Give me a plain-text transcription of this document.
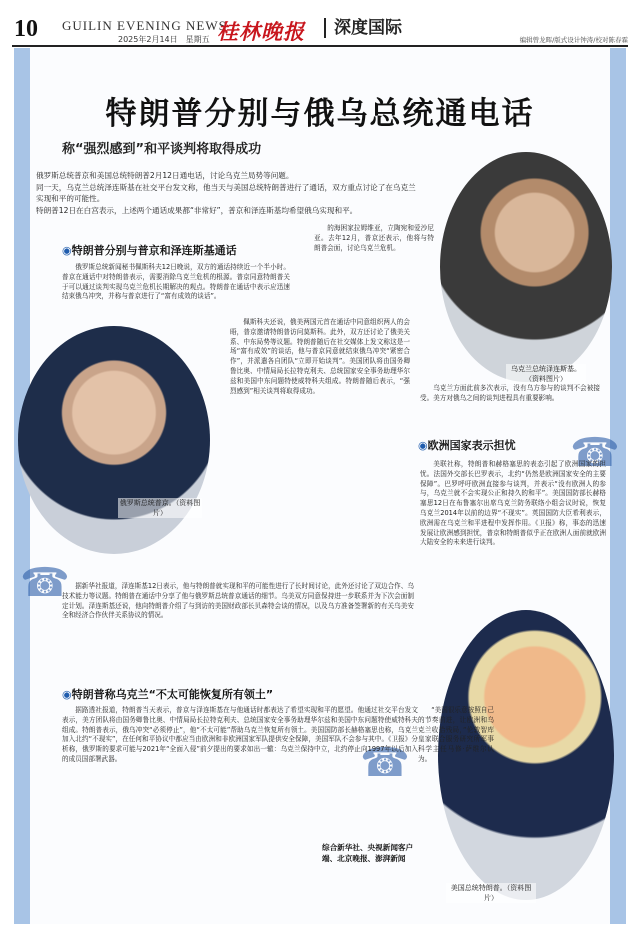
10 GUILIN EVENING NEWS
2025年2月14日　星期五 桂林晚报	深度国际
编辑曾龙晖/版式设计钟涛/校对陈春霖
☎
☎
☎
特朗普分别与俄乌总统通电话
称“强烈感到”和平谈判将取得成功

俄罗斯总统普京和美国总统特朗普2月12日通电话，讨论乌克兰局势等问题。

同一天，乌克兰总统泽连斯基在社交平台发文称，他当天与美国总统特朗普进行了通话，双方重点讨论了在乌克兰实现和平的可能性。

特朗普12日在白宫表示，上述两个通话成果都“非常好”，普京和泽连斯基均希望俄乌实现和平。

乌克兰总统泽连斯基。（资料图片）
俄罗斯总统普京。（资料图片）
美国总统特朗普。（资料图片）
◉特朗普分别与普京和泽连斯基通话
◉欧洲国家表示担忧
◉特朗普称乌克兰“不太可能恢复所有领土”

俄罗斯总统新闻秘书佩斯科夫12日晚说，双方的通话持续近一个半小时。普京在通话中对特朗普表示，需要消除乌克兰危机的根源。普京同意特朗普关于可以通过谈判实现乌克兰危机长期解决的观点。特朗普在通话中表示应迅速结束俄乌冲突，并称与普京进行了“富有成效的谈话”。

佩斯科夫还说，俄美两国元首在通话中同意组织两人的会晤，普京邀请特朗普访问莫斯科。此外，双方还讨论了俄美关系、中东局势等议题。特朗普随后在社交媒体上发文称这是一场“富有成效”的谈话，他与普京同意就结束俄乌冲突“紧密合作”，并派遣各自团队“立即开始谈判”。美国团队将由国务卿鲁比奥、中情局局长拉特克利夫、总统国家安全事务助理华尔兹和美国中东问题特使威特科夫组成。特朗普随后表示，“强烈感到”相关谈判将取得成功。

据新华社报道，泽连斯基12日表示，他与特朗普就实现和平的可能性进行了长时间讨论，此外还讨论了双边合作、乌技术能力等议题。特朗普在通话中分享了他与俄罗斯总统普京通话的细节。乌美双方同意保持进一步联系并为下次会面制定计划。泽连斯基还说，他向特朗普介绍了与到访的美国财政部长贝森特会谈的情况，以及乌方准备签署新的有关乌美安全和经济合作伙伴关系协议的情况。

的海困家拉姆维亚，立陶宛和爱沙尼亚。去年12月，普京还表示，他将与特朗普会面，讨论乌克兰危机。

乌克兰方面此前多次表示，没有乌方参与的谈判不会被接受。美方对俄乌之间的谈判进程具有重要影响。

美联社称，特朗普和赫格塞思的表态引起了欧洲国家的担忧。法国外交部长巴罗表示，北约“仍然是欧洲国家安全的主要保障”。巴罗呼吁欧洲直接参与谈判，并表示“没有欧洲人的参与，乌克兰就不会实现公正和持久的和平”。美国国防部长赫格塞思12日在布鲁塞尔出席乌克兰防务联络小组会议时说，恢复乌克兰2014年以前的边界“不现实”。英国国防大臣希利表示，欧洲需在乌克兰和平进程中发挥作用。《卫报》称，事态的迅速发展让欧洲感到担忧，普京和特朗普似乎正在欧洲人面前就欧洲大陆安全的未来进行谈判。

据路透社报道，特朗普当天表示，普京与泽连斯基在与他通话时都表达了希望实现和平的愿望。他通过社交平台发文表示，美方团队将由国务卿鲁比奥、中情局局长拉特克利夫、总统国家安全事务助理华尔兹和美国中东问题特使威特科夫组成。特朗普表示，俄乌冲突“必须停止”，他“不太可能”帮助乌克兰恢复所有领土。美国国防部长赫格塞思也称，乌克兰加入北约“不现实”，在任何和平协议中都应当由欧洲和非欧洲国家军队提供安全保障，美国军队不会参与其中。《卫报》分析称，俄罗斯的要求可能与2021年“全面入侵”前夕提出的要求如出一辙：乌克兰保持中立，北约停止向1997年以后加入的成员国部署武器。

“美国很乐意按照自己的节奏前进，让欧洲和乌克兰收拾残局，”伦敦智库皇家联合服务研究所军事科学主任马修·萨维尔认为。

综合新华社、央视新闻客户端、北京晚报、澎湃新闻
